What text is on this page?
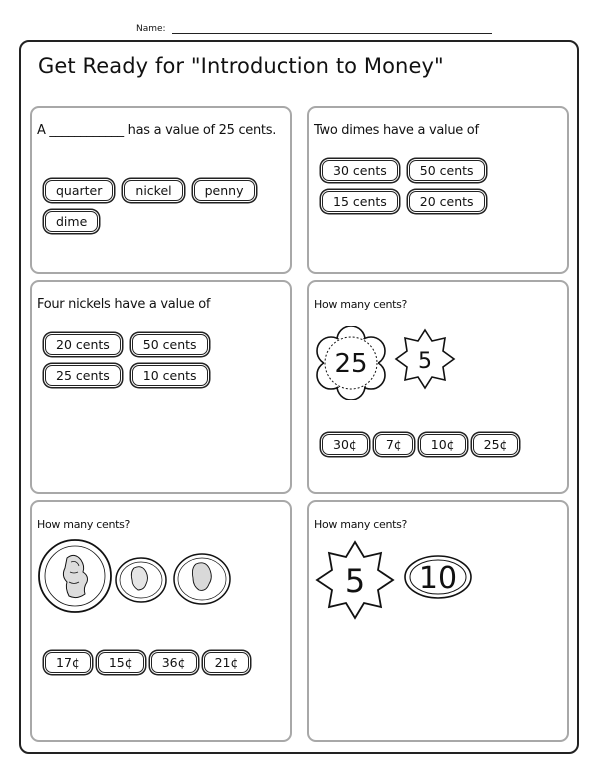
Name:
Get Ready for "Introduction to Money"
A ____________ has a value of 25 cents.
quarter	nickel	penny
dime
Two dimes have a value of
30 cents	50 cents
15 cents	20 cents
Four nickels have a value of
20 cents	50 cents
25 cents	10 cents
How many cents?
25 5
30¢	7¢	10¢	25¢
How many cents?
17¢	15¢	36¢	21¢
How many cents?
5 10
